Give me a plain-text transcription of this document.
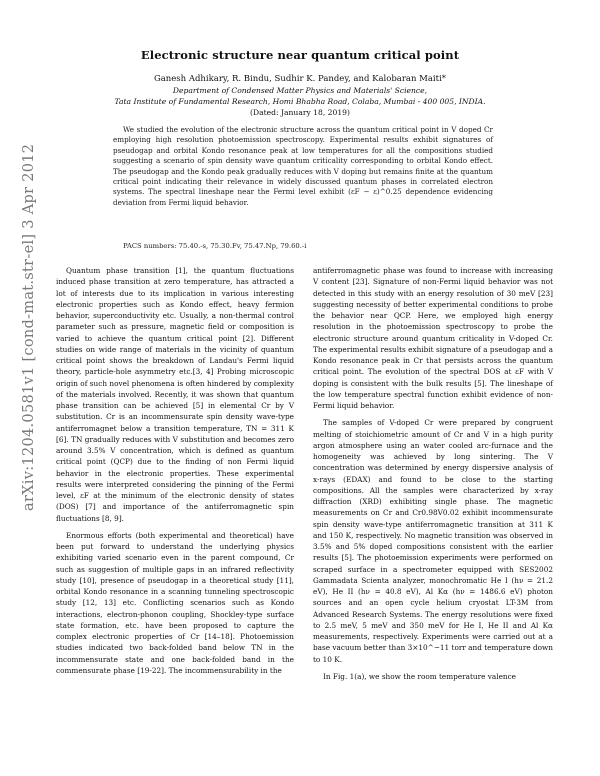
Electronic structure near quantum critical point
Ganesh Adhikary, R. Bindu, Sudhir K. Pandey, and Kalobaran Maiti*
Department of Condensed Matter Physics and Materials' Science,
Tata Institute of Fundamental Research, Homi Bhabha Road, Colaba, Mumbai - 400 005, INDIA.
(Dated: January 18, 2019)
We studied the evolution of the electronic structure across the quantum critical point in V doped Cr employing high resolution photoemission spectroscopy. Experimental results exhibit signatures of pseudogap and orbital Kondo resonance peak at low temperatures for all the compositions studied suggesting a scenario of spin density wave quantum criticality corresponding to orbital Kondo effect. The pseudogap and the Kondo peak gradually reduces with V doping but remains finite at the quantum critical point indicating their relevance in widely discussed quantum phases in correlated electron systems. The spectral lineshape near the Fermi level exhibit (εF − ε)^0.25 dependence evidencing deviation from Fermi liquid behavior.
PACS numbers: 75.40.-s, 75.30.Fv, 75.47.Np, 79.60.-i
arXiv:1204.0581v1 [cond-mat.str-el] 3 Apr 2012	Quantum phase transition [1], the quantum fluctuations induced phase transition at zero temperature, has attracted a lot of interests due to its implication in various interesting electronic properties such as Kondo effect, heavy fermion behavior, superconductivity etc. Usually, a non-thermal control parameter such as pressure, magnetic field or composition is varied to achieve the quantum critical point [2]. Different studies on wide range of materials in the vicinity of quantum critical point shows the breakdown of Landau's Fermi liquid theory, particle-hole asymmetry etc.[3, 4] Probing microscopic origin of such novel phenomena is often hindered by complexity of the materials involved. Recently, it was shown that quantum phase transition can be achieved [5] in elemental Cr by V substitution. Cr is an incommensurate spin density wave-type antiferromagnet below a transition temperature, TN = 311 K [6]. TN gradually reduces with V substitution and becomes zero around 3.5% V concentration, which is defined as quantum critical point (QCP) due to the finding of non Fermi liquid behavior in the electronic properties. These experimental results were interpreted considering the pinning of the Fermi level, εF at the minimum of the electronic density of states (DOS) [7] and importance of the antiferromagnetic spin fluctuations [8, 9].

Enormous efforts (both experimental and theoretical) have been put forward to understand the underlying physics exhibiting varied scenario even in the parent compound, Cr such as suggestion of multiple gaps in an infrared reflectivity study [10], presence of pseudogap in a theoretical study [11], orbital Kondo resonance in a scanning tunneling spectroscopic study [12, 13] etc. Conflicting scenarios such as Kondo interactions, electron-phonon coupling, Shockley-type surface state formation, etc. have been proposed to capture the complex electronic properties of Cr [14–18]. Photoemission studies indicated two back-folded band below TN in the incommensurate state and one back-folded band in the commensurate phase [19-22]. The incommensurability in the

antiferromagnetic phase was found to increase with increasing V content [23]. Signature of non-Fermi liquid behavior was not detected in this study with an energy resolution of 30 meV [23] suggesting necessity of better experimental conditions to probe the behavior near QCP. Here, we employed high energy resolution in the photoemission spectroscopy to probe the electronic structure around quantum criticality in V-doped Cr. The experimental results exhibit signature of a pseudogap and a Kondo resonance peak in Cr that persists across the quantum critical point. The evolution of the spectral DOS at εF with V doping is consistent with the bulk results [5]. The lineshape of the low temperature spectral function exhibit evidence of non-Fermi liquid behavior.

The samples of V-doped Cr were prepared by congruent melting of stoichiometric amount of Cr and V in a high purity argon atmosphere using an water cooled arc-furnace and the homogeneity was achieved by long sintering. The V concentration was determined by energy dispersive analysis of x-rays (EDAX) and found to be close to the starting compositions. All the samples were characterized by x-ray diffraction (XRD) exhibiting single phase. The magnetic measurements on Cr and Cr0.98V0.02 exhibit incommensurate spin density wave-type antiferromagnetic transition at 311 K and 150 K, respectively. No magnetic transition was observed in 3.5% and 5% doped compositions consistent with the earlier results [5]. The photoemission experiments were performed on scraped surface in a spectrometer equipped with SES2002 Gammadata Scienta analyzer, monochromatic He I (hν = 21.2 eV), He II (hν = 40.8 eV), Al Kα (hν = 1486.6 eV) photon sources and an open cycle helium cryostat LT-3M from Advanced Research Systems. The energy resolutions were fixed to 2.5 meV, 5 meV and 350 meV for He I, He II and Al Kα measurements, respectively. Experiments were carried out at a base vacuum better than 3×10^−11 torr and temperature down to 10 K.

In Fig. 1(a), we show the room temperature valence
